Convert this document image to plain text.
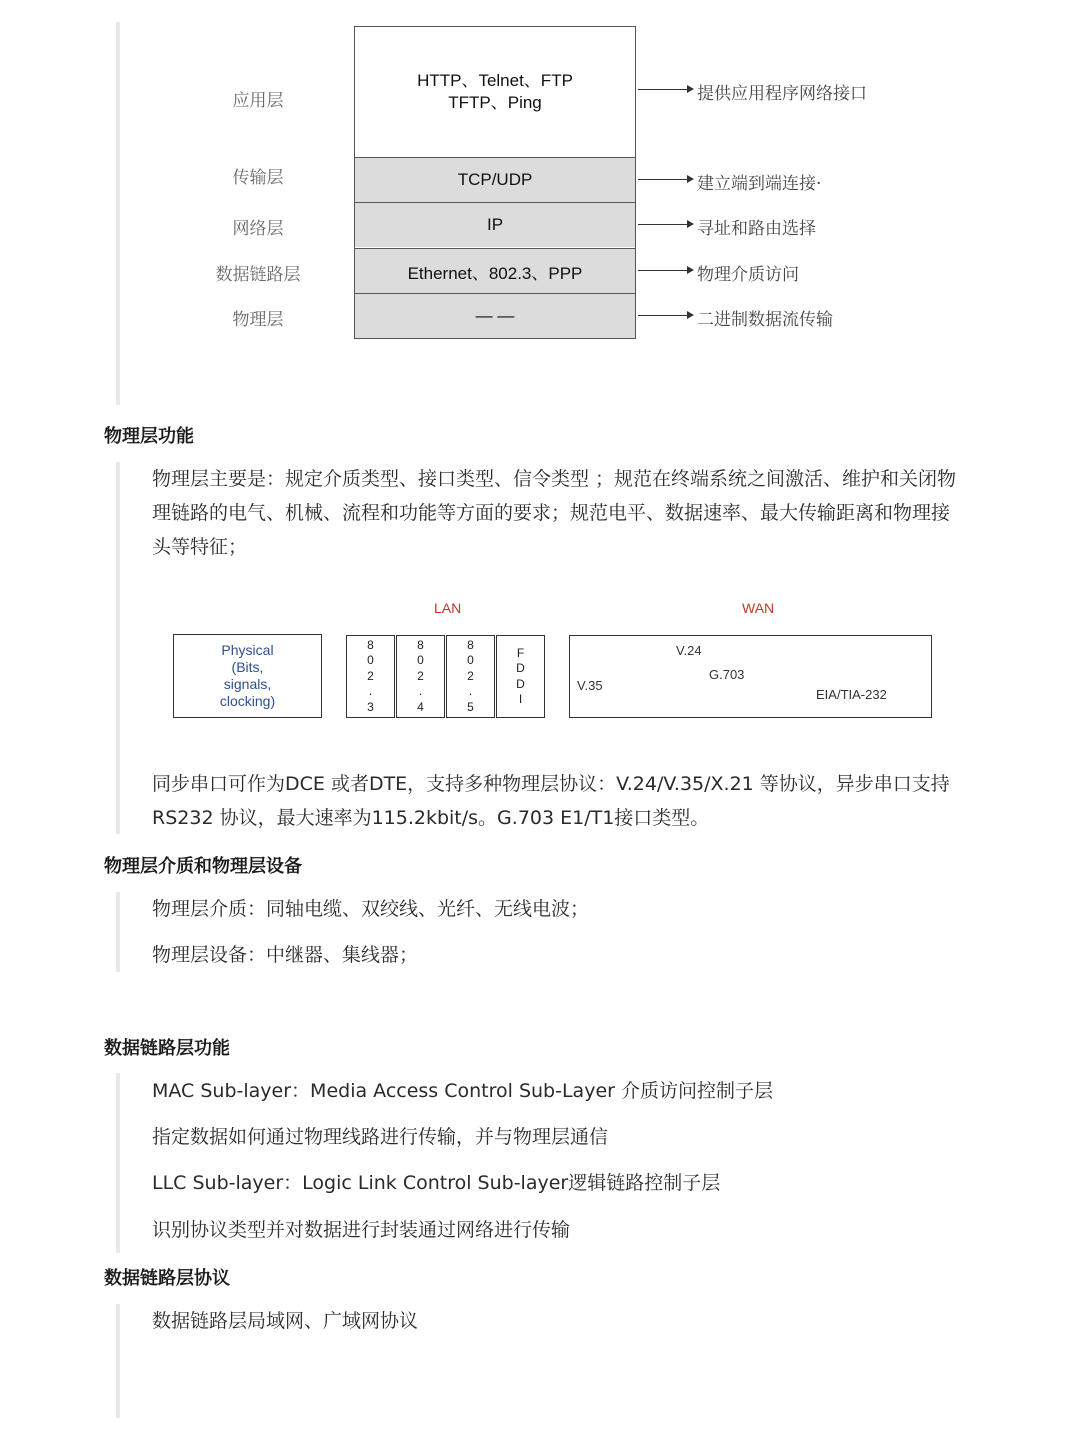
应用层
传输层
网络层
数据链路层
物理层
HTTP、Telnet、FTP
TFTP、Ping
TCP/UDP
IP
Ethernet、802.3、PPP
— —
提供应用程序网络接口
建立端到端连接·
寻址和路由选择
物理介质访问
二进制数据流传输
物理层功能
物理层主要是：规定介质类型、接口类型、信令类型 ；规范在终端系统之间激活、维护和关闭物理链路的电气、机械、流程和功能等方面的要求；规范电平、数据速率、最大传输距离和物理接头等特征；
LAN	WAN
Physical
(Bits,
signals,
clocking)
8
0
2
.
3
8
0
2
.
4
8
0
2
.
5
F
D
D
I
V.24
G.703
V.35
EIA/TIA-232
同步串口可作为DCE 或者DTE，支持多种物理层协议：V.24/V.35/X.21 等协议，异步串口支持RS232 协议，最大速率为115.2kbit/s。G.703 E1/T1接口类型。
物理层介质和物理层设备
物理层介质：同轴电缆、双绞线、光纤、无线电波；
物理层设备：中继器、集线器；
数据链路层功能
MAC Sub-layer：Media Access Control Sub-Layer 介质访问控制子层
指定数据如何通过物理线路进行传输，并与物理层通信
LLC Sub-layer：Logic Link Control Sub-layer逻辑链路控制子层
识别协议类型并对数据进行封装通过网络进行传输
数据链路层协议
数据链路层局域网、广域网协议
